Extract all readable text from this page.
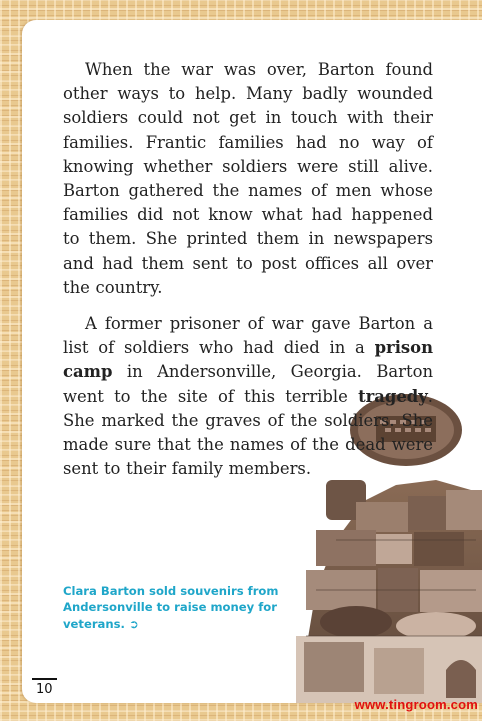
When the war was over, Barton found other ways to help. Many badly wounded soldiers could not get in touch with their families. Frantic families had no way of knowing whether soldiers were still alive. Barton gathered the names of men whose families did not know what had happened to them. She printed them in newspapers and had them sent to post offices all over the country.

A former prisoner of war gave Barton a list of soldiers who had died in a prison camp in Andersonville, Georgia. Barton went to the site of this terrible tragedy. She marked the graves of the soldiers. She made sure that the names of the dead were sent to their family members.

Clara Barton sold souvenirs from Andersonville to raise money for veterans. ➲
10
www.tingroom.com
